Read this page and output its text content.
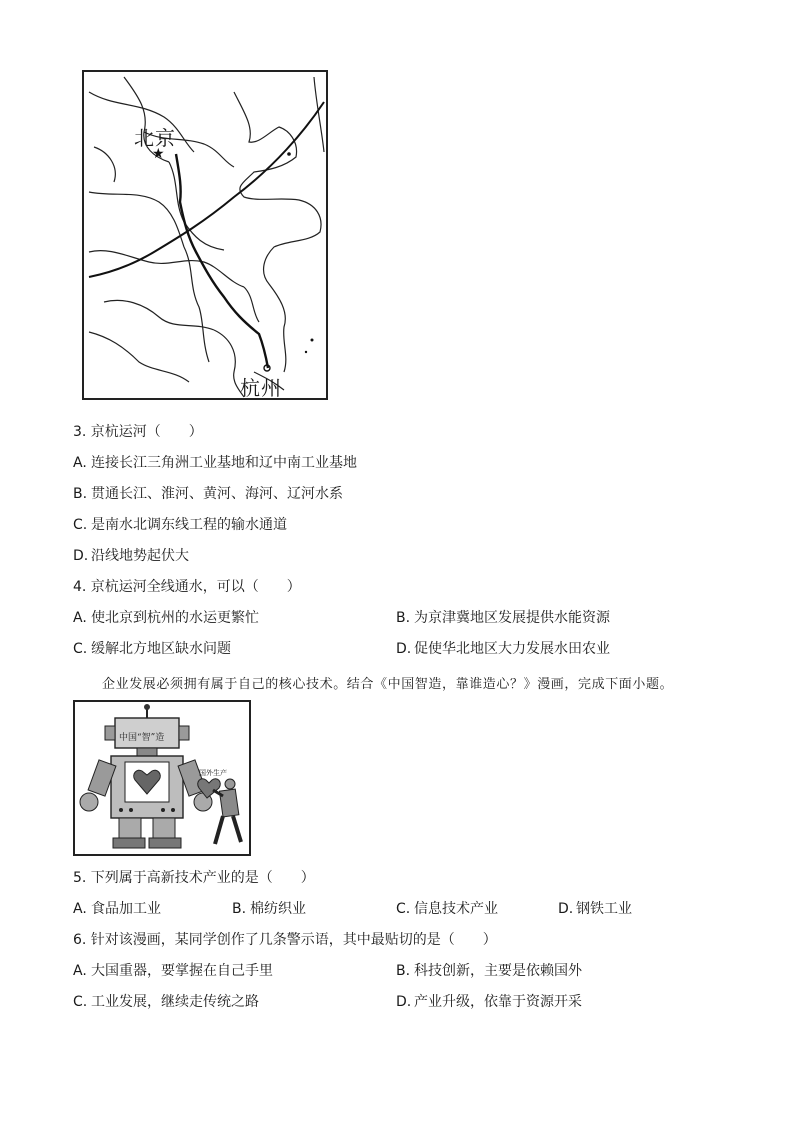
★
北京
杭州
3. 京杭运河（　　）
A. 连接长江三角洲工业基地和辽中南工业基地
B. 贯通长江、淮河、黄河、海河、辽河水系
C. 是南水北调东线工程的输水通道
D. 沿线地势起伏大
4. 京杭运河全线通水，可以（　　）
A. 使北京到杭州的水运更繁忙	B. 为京津冀地区发展提供水能资源
C. 缓解北方地区缺水问题	D. 促使华北地区大力发展水田农业
企业发展必须拥有属于自己的核心技术。结合《中国智造，靠谁造心？》漫画，完成下面小题。
中国“智”造
国外生产
5. 下列属于高新技术产业的是（　　）
A. 食品加工业	B. 棉纺织业	C. 信息技术产业	D. 钢铁工业
6. 针对该漫画，某同学创作了几条警示语，其中最贴切的是（　　）
A. 大国重器，要掌握在自己手里	B. 科技创新，主要是依赖国外
C. 工业发展，继续走传统之路	D. 产业升级，依靠于资源开采
